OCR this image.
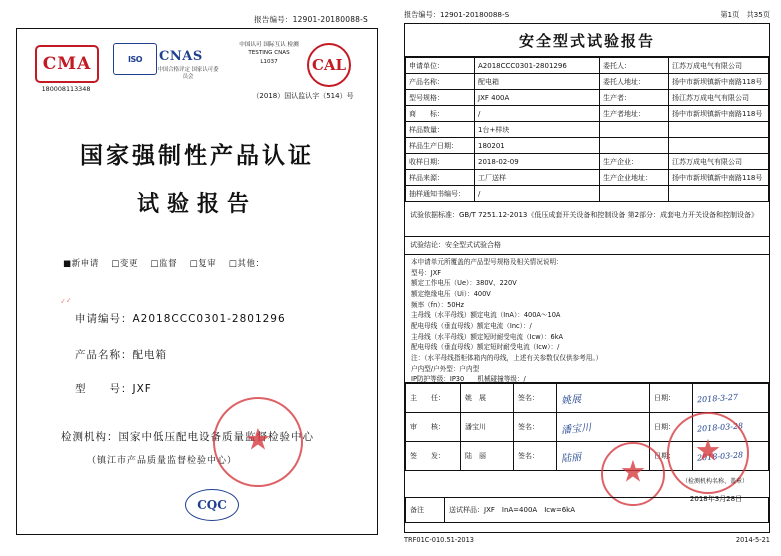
报告编号：12901-20180088-S
CMA
180008113348
ISO CNAS
中国合格评定 国家认可委员会
中国认可 国际互认 检测 TESTING CNAS L1037	CAL
（2018）国认监认字（514）号
国家强制性产品认证
试验报告
■新申请 □变更 □监督 □复审 □其他：
✓✓
申请编号：A2018CCC0301-2801296
产品名称：配电箱
型　　号：JXF
检测机构：国家中低压配电设备质量监督检验中心
（镇江市产品质量监督检验中心）
★
CQC
报告编号：12901-20180088-S	第1页　共35页
安全型式试验报告
申请单位：	A2018CCC0301-2801296	委托人：	江苏万成电气有限公司
产品名称：	配电箱	委托人地址：	扬中市新坝镇新中南路118号
型号规格：	JXF 400A	生产者：	扬江苏万成电气有限公司
商　　标：	/	生产者地址：	扬中市新坝镇新中南路118号
样品数量：	1台+样块		
样品生产日期：	180201		
收样日期：	2018-02-09	生产企业：	江苏万成电气有限公司
样品来源：	工厂送样	生产企业地址：	扬中市新坝镇新中南路118号
抽样通知书编号：	/		
试验依据标准：GB/T 7251.12-2013《低压成套开关设备和控制设备 第2部分：成套电力开关设备和控制设备》
试验结论：安全型式试验合格
本申请单元所覆盖的产品型号规格及相关情况说明：
型号：JXF
额定工作电压（Ue）：380V、220V
额定绝缘电压（Ui）：400V
频率（fn）：50Hz
主母线（水平母线）额定电流（InA）：400A～10A
配电母线（垂直母线）额定电流（Inc）：/
主母线（水平母线）额定短时耐受电流（Icw）：6kA
配电母线（垂直母线）额定短时耐受电流（Icw）：/
注：（水平母线指柜体箱内的母线，上述有关参数仅仅供参考用。）
户内型/户外型：户内型
IP防护等级：IP30　　机械碰撞等级：/
主　　任：	姚　展	签名：	姚展	日期：	2018-3-27
审　　核：	潘宝川	签名：	潘宝川	日期：	2018-03-28
签　　发：	陆　丽	签名：	陆丽	日期：	2018-03-28
★
★
（检测机构名称、盖章）
2018年3月28日
备注	送试样品：JXF　InA=400A　Icw=6kA
TRF01C-010.51-2013	2014-5-21
